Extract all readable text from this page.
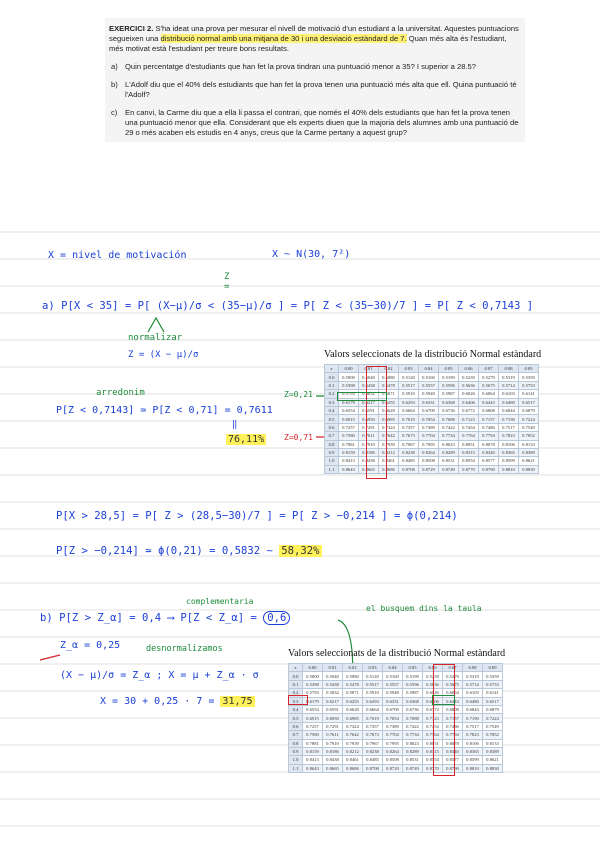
EXERCICI 2. S'ha ideat una prova per mesurar el nivell de motivació d'un estudiant a la universitat. Aquestes puntuacions segueixen una distribució normal amb una mitjana de 30 i una desviació estàndard de 7. Quan més alta és l'estudiant, més motivat està l'estudiant per treure bons resultats.
a) Quin percentatge d'estudiants que han fet la prova tindran una puntuació menor a 35? I superior a 28.5?
b) L'Adolf diu que el 40% dels estudiants que han fet la prova tenen una puntuació més alta que ell. Quina puntuació té l'Adolf?
c)	En canvi, la Carme diu que a ella li passa el contrari, que només el 40% dels estudiants que han fet la prova tenen una puntuació menor que ella. Considerant que els experts diuen que la majoria dels alumnes amb una puntuació de 29 o més acaben els estudis en 4 anys, creus que la Carme pertany a aquest grup?
X = nivel de motivación	X ~ N(30, 7²)
Z
=
a) P[X < 35] = P[ (X−μ)/σ < (35−μ)/σ ] = P[ Z < (35−30)/7 ] = P[ Z < 0,7143 ]
normalizar
Z = (X − μ)/σ
arredonim
P[Z < 0,7143] ≃ P[Z < 0,71] = 0,7611
‖
76,11%
Z=0,21
Z=0,71
P[X > 28,5] = P[ Z > (28,5−30)/7 ] = P[ Z > −0,214 ] = ϕ(0,214)
P[Z > −0,214] ≃ ϕ(0,21) = 0,5832 ∼ 58,32%
complementaria
b) P[Z > Z_α] = 0,4 ⟶ P[Z < Z_α] = 0,6
el busquem dins la taula
Z_α = 0,25	desnormalizamos
(X − μ)/σ = Z_α ; X = μ + Z_α · σ
X = 30 + 0,25 · 7 = 31,75
Valors seleccionats de la distribució Normal estàndard
z	0.00	0.01	0.02	0.03	0.04	0.05	0.06	0.07	0.08	0.09
0.0	0.5000	0.5040	0.5080	0.5120	0.5160	0.5199	0.5239	0.5279	0.5319	0.5359
0.1	0.5398	0.5438	0.5478	0.5517	0.5557	0.5596	0.5636	0.5675	0.5714	0.5753
0.2	0.5793	0.5832	0.5871	0.5910	0.5948	0.5987	0.6026	0.6064	0.6103	0.6141
0.3	0.6179	0.6217	0.6255	0.6293	0.6331	0.6368	0.6406	0.6443	0.6480	0.6517
0.4	0.6554	0.6591	0.6628	0.6664	0.6700	0.6736	0.6772	0.6808	0.6844	0.6879
0.5	0.6915	0.6950	0.6985	0.7019	0.7054	0.7088	0.7123	0.7157	0.7190	0.7224
0.6	0.7257	0.7291	0.7324	0.7357	0.7389	0.7422	0.7454	0.7486	0.7517	0.7549
0.7	0.7580	0.7611	0.7642	0.7673	0.7704	0.7734	0.7764	0.7794	0.7823	0.7852
0.8	0.7881	0.7910	0.7939	0.7967	0.7995	0.8023	0.8051	0.8078	0.8106	0.8133
0.9	0.8159	0.8186	0.8212	0.8238	0.8264	0.8289	0.8315	0.8340	0.8365	0.8389
1.0	0.8413	0.8438	0.8461	0.8485	0.8508	0.8531	0.8554	0.8577	0.8599	0.8621
1.1	0.8643	0.8665	0.8686	0.8708	0.8729	0.8749	0.8770	0.8790	0.8810	0.8830
Valors seleccionats de la distribució Normal estàndard
z	0.00	0.01	0.02	0.03	0.04	0.05	0.06	0.07	0.08	0.09
0.0	0.5000	0.5040	0.5080	0.5120	0.5160	0.5199	0.5239	0.5279	0.5319	0.5359
0.1	0.5398	0.5438	0.5478	0.5517	0.5557	0.5596	0.5636	0.5675	0.5714	0.5753
0.2	0.5793	0.5832	0.5871	0.5910	0.5948	0.5987	0.6026	0.6064	0.6103	0.6141
0.3	0.6179	0.6217	0.6255	0.6293	0.6331	0.6368	0.6406	0.6443	0.6480	0.6517
0.4	0.6554	0.6591	0.6628	0.6664	0.6700	0.6736	0.6772	0.6808	0.6844	0.6879
0.5	0.6915	0.6950	0.6985	0.7019	0.7054	0.7088	0.7123	0.7157	0.7190	0.7224
0.6	0.7257	0.7291	0.7324	0.7357	0.7389	0.7422	0.7454	0.7486	0.7517	0.7549
0.7	0.7580	0.7611	0.7642	0.7673	0.7704	0.7734	0.7764	0.7794	0.7823	0.7852
0.8	0.7881	0.7910	0.7939	0.7967	0.7995	0.8023	0.8051	0.8078	0.8106	0.8133
0.9	0.8159	0.8186	0.8212	0.8238	0.8264	0.8289	0.8315	0.8340	0.8365	0.8389
1.0	0.8413	0.8438	0.8461	0.8485	0.8508	0.8531	0.8554	0.8577	0.8599	0.8621
1.1	0.8643	0.8665	0.8686	0.8708	0.8729	0.8749	0.8770	0.8790	0.8810	0.8830
